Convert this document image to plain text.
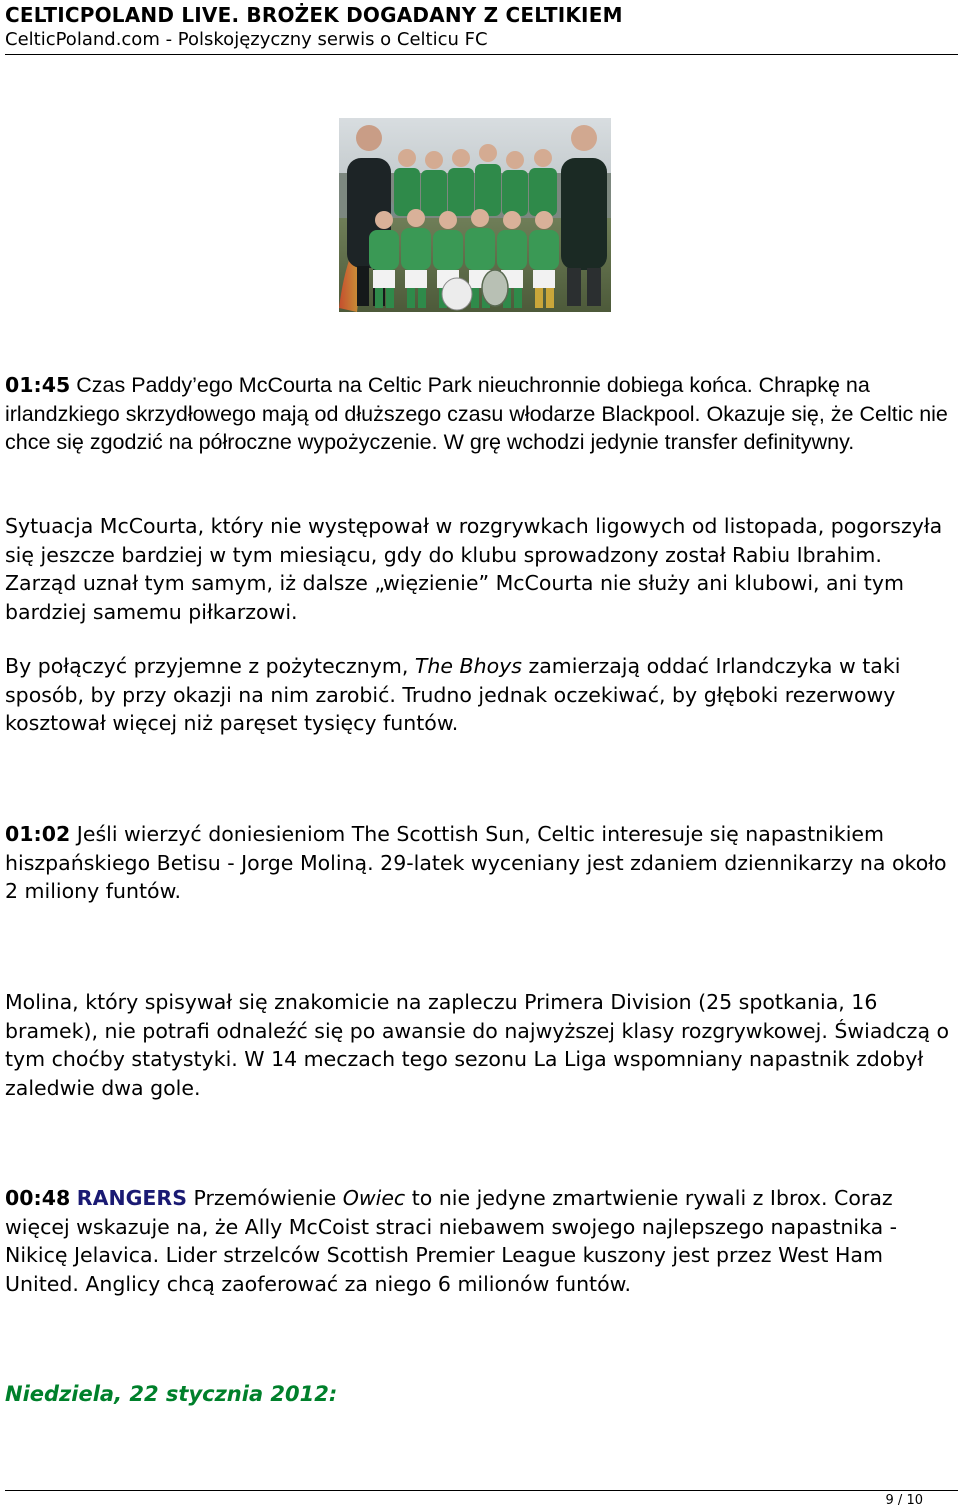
CELTICPOLAND LIVE. BROŻEK DOGADANY Z CELTIKIEM
CelticPoland.com - Polskojęzyczny serwis o Celticu FC

01:45 Czas Paddy’ego McCourta na Celtic Park nieuchronnie dobiega końca. Chrapkę na irlandzkiego skrzydłowego mają od dłuższego czasu włodarze Blackpool. Okazuje się, że Celtic nie chce się zgodzić na półroczne wypożyczenie. W grę wchodzi jedynie transfer definitywny.

Sytuacja McCourta, który nie występował w rozgrywkach ligowych od listopada, pogorszyła się jeszcze bardziej w tym miesiącu, gdy do klubu sprowadzony został Rabiu Ibrahim. Zarząd uznał tym samym, iż dalsze „więzienie” McCourta nie służy ani klubowi, ani tym bardziej samemu piłkarzowi.

By połączyć przyjemne z pożytecznym, The Bhoys zamierzają oddać Irlandczyka w taki sposób, by przy okazji na nim zarobić. Trudno jednak oczekiwać, by głęboki rezerwowy kosztował więcej niż paręset tysięcy funtów.

01:02 Jeśli wierzyć doniesieniom The Scottish Sun, Celtic interesuje się napastnikiem hiszpańskiego Betisu - Jorge Moliną. 29-latek wyceniany jest zdaniem dziennikarzy na około 2 miliony funtów.

Molina, który spisywał się znakomicie na zapleczu Primera Division (25 spotkania, 16 bramek), nie potrafi odnaleźć się po awansie do najwyższej klasy rozgrywkowej. Świadczą o tym choćby statystyki. W 14 meczach tego sezonu La Liga wspomniany napastnik zdobył zaledwie dwa gole.

00:48 RANGERS Przemówienie Owiec to nie jedyne zmartwienie rywali z Ibrox. Coraz więcej wskazuje na, że Ally McCoist straci niebawem swojego najlepszego napastnika - Nikicę Jelavica. Lider strzelców Scottish Premier League kuszony jest przez West Ham United. Anglicy chcą zaoferować za niego 6 milionów funtów.

Niedziela, 22 stycznia 2012:

9 / 10
